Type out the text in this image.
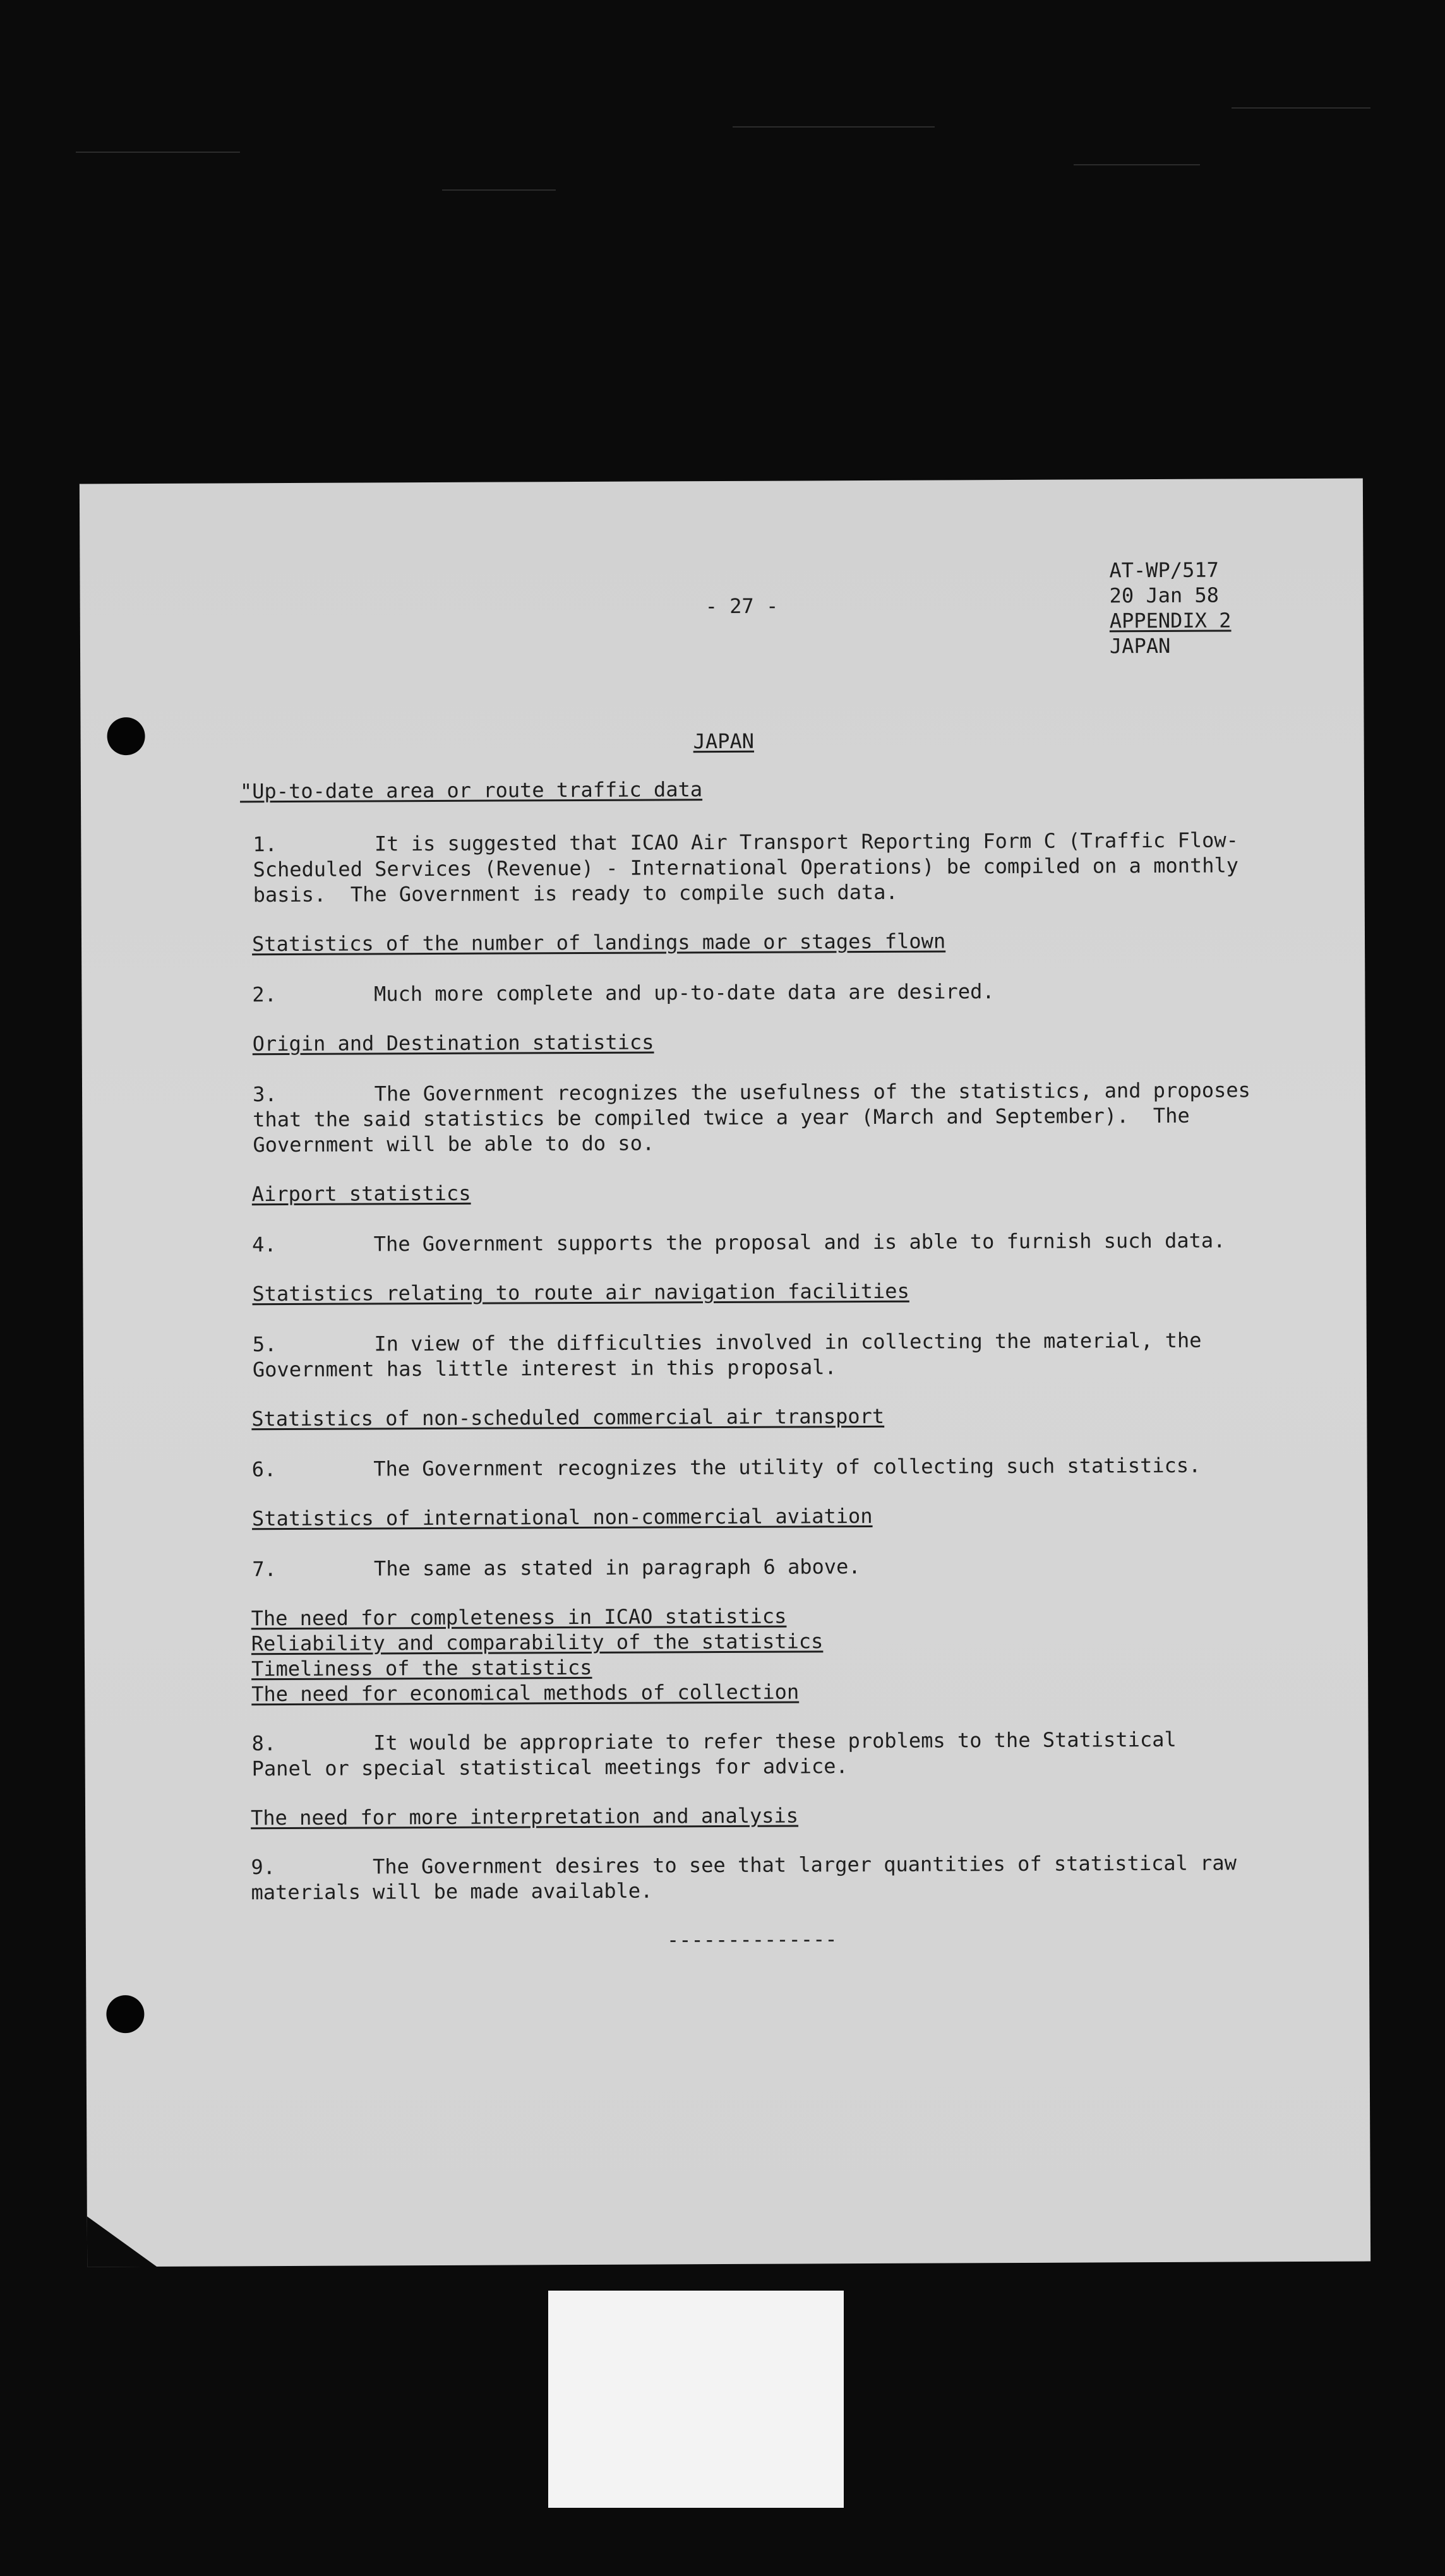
- 27 -
AT-WP/517
20 Jan 58
APPENDIX 2
JAPAN
JAPAN
"Up-to-date area or route traffic data
1.        It is suggested that ICAO Air Transport Reporting Form C (Traffic Flow-
Scheduled Services (Revenue) - International Operations) be compiled on a monthly
basis.  The Government is ready to compile such data.
Statistics of the number of landings made or stages flown
2.        Much more complete and up-to-date data are desired.
Origin and Destination statistics
3.        The Government recognizes the usefulness of the statistics, and proposes
that the said statistics be compiled twice a year (March and September).  The
Government will be able to do so.
Airport statistics
4.        The Government supports the proposal and is able to furnish such data.
Statistics relating to route air navigation facilities
5.        In view of the difficulties involved in collecting the material, the
Government has little interest in this proposal.
Statistics of non-scheduled commercial air transport
6.        The Government recognizes the utility of collecting such statistics.
Statistics of international non-commercial aviation
7.        The same as stated in paragraph 6 above.
The need for completeness in ICAO statistics
Reliability and comparability of the statistics
Timeliness of the statistics
The need for economical methods of collection
8.        It would be appropriate to refer these problems to the Statistical
Panel or special statistical meetings for advice.
The need for more interpretation and analysis
9.        The Government desires to see that larger quantities of statistical raw
materials will be made available.
--------------
